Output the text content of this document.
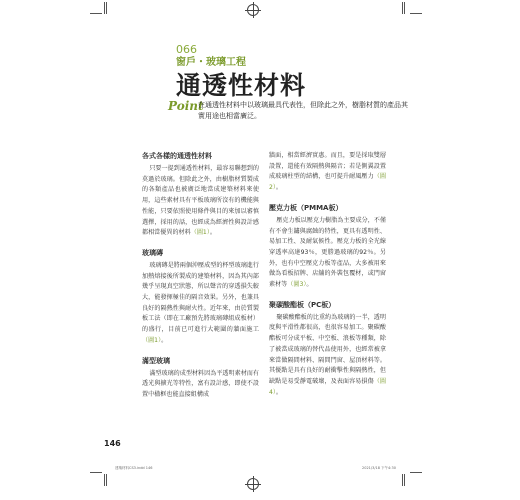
066
窗戶・玻璃工程
通透性材料
Point
在通透性材料中以玻璃最具代表性，但除此之外，樹脂材質的產品其實用途也相當廣泛。
各式各樣的通透性材料

只要一提到通透性材料，最容易聯想到的莫過於玻璃。但除此之外，由樹脂材質製成的各類產品也被廣泛地當成建築材料來使用，這些素材具有平板玻璃所沒有的機能與性能，只要依照使用條件與目的來加以審慎選擇，採用的話，也經成為經濟性與設計感都相當優異的材料（圖1）。

玻璃磚

玻璃磚是將兩個沖壓成型的杯型玻璃進行加熱熔接後所製成的建築材料，因為其內部幾乎呈現真空狀態，所以聲音的穿透損失較大，能發揮極佳的隔音效果。另外，也兼具良好的隔熱性與耐火性。近年來，由於質製板工法（即在工廠預先將玻璃磚組成板材）的盛行，目前已可進行大範圍的牆面施工（圖1）。

滿型玻璃

滿型玻璃的成型材料因為平透明素材而有透光與擴光等特性，富有設計感，即使不設置中楹框也能直接組構成

牆面，相當經濟實惠。而且，要是採取雙層設置，還能有效隔熱與隔音；若是側翼設置成玻璃柱型的結構，也可提升耐風壓力（圖2）。

壓克力板（PMMA板）

壓克力板以壓克力樹脂為主要成分，不僅有不會生鏽與腐蝕的特性，更具有透明性、易加工性、及耐氣候性。壓克力板的全光線穿透率高達93％，更勝過玻璃的92％。另外，也有中空壓克力板等產品，大多被用來做為看板招牌、店舖的外裝包覆材，或門窗素材等（圖3）。

聚碳酸酯板（PC板）

聚碳酸酯板的比重約為玻璃的一半，透明度與平滑性都很高，也很容易加工。聚碳酸酯板可分成平板、中空板、浪板等種類，除了被當成玻璃的替代品使用外，也經常被拿來當做隔間材料、隔間門窗、屋頂材料等。其優點是具有良好的耐衝擊性與隔熱性，但缺點是易受靜電破壞，及表面容易損傷（圖4）。

146
建築材料CS3.indd 146	2021/3/18 下午4:30
